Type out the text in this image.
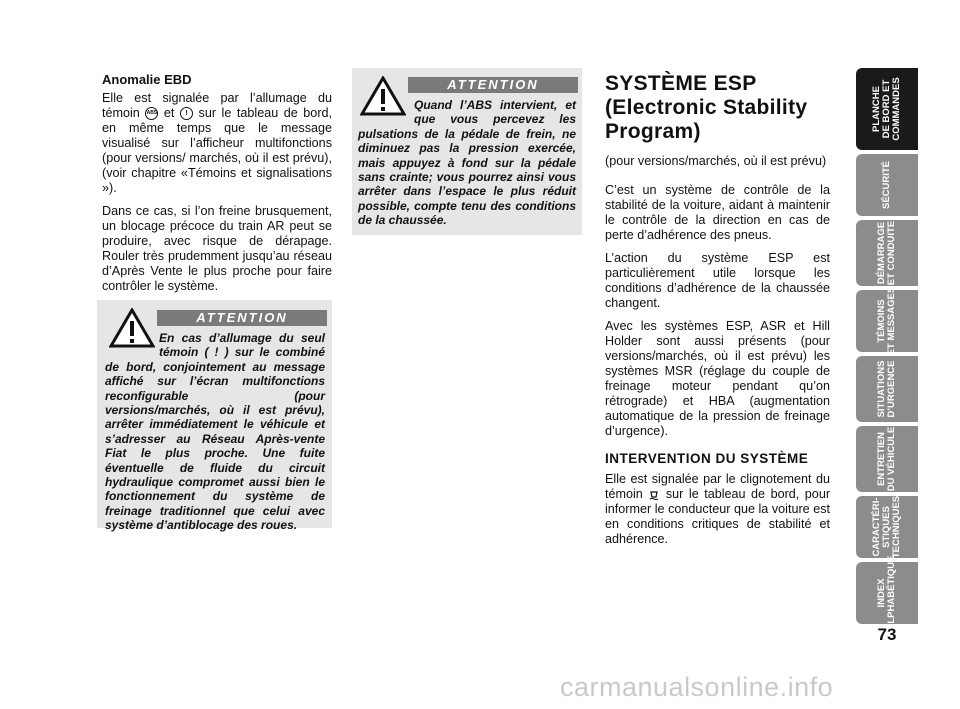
Anomalie EBD

Elle est signalée par l’allumage du témoin ABS et ! sur le tableau de bord, en même temps que le message visualisé sur l’afficheur multifonctions (pour versions/ marchés, où il est prévu), (voir chapitre «Témoins et signalisations »).

Dans ce cas, si l’on freine brusquement, un blocage précoce du train AR peut se produire, avec risque de dérapage. Rouler très prudemment jusqu’au réseau d’Après Vente le plus proche pour faire contrôler le système.

ATTENTION
En cas d’allumage du seul témoin ( ! ) sur le combiné de bord, conjointement au message affiché sur l’écran multifonctions reconfigurable (pour versions/marchés, où il est prévu), arrêter immédiatement le véhicule et s’adresser au Réseau Après-vente Fiat le plus proche. Une fuite éventuelle de fluide du circuit hydraulique compromet aussi bien le fonctionnement du système de freinage traditionnel que celui avec système d’antiblocage des roues.
ATTENTION
Quand l’ABS intervient, et que vous percevez les pulsations de la pédale de frein, ne diminuez pas la pression exercée, mais appuyez à fond sur la pédale sans crainte; vous pourrez ainsi vous arrêter dans l’espace le plus réduit possible, compte tenu des conditions de la chaussée.
SYSTÈME ESP (Electronic Stability Program)

(pour versions/marchés, où il est prévu)

C’est un système de contrôle de la stabilité de la voiture, aidant à maintenir le contrôle de la direction en cas de perte d’adhérence des pneus.

L’action du système ESP est particulièrement utile lorsque les conditions d’adhérence de la chaussée changent.

Avec les systèmes ESP, ASR et Hill Holder sont aussi présents (pour versions/marchés, où il est prévu) les systèmes MSR (réglage du couple de freinage moteur pendant qu’on rétrograde) et HBA (augmentation automatique de la pression de freinage d’urgence).

INTERVENTION DU SYSTÈME

Elle est signalée par le clignotement du témoin sur le tableau de bord, pour informer le conducteur que la voiture est en conditions critiques de stabilité et adhérence.

PLANCHE
DE BORD ET
COMMANDES
SÉCURITÉ
DÉMARRAGE
ET CONDUITE
TÉMOINS
ET MESSAGES
SITUATIONS
D’URGENCE
ENTRETIEN
DU VÉHICULE
CARACTÉRI-
STIQUES
TECHNIQUES
INDEX
ALPHABÉTIQUE
73
carmanualsonline.info
